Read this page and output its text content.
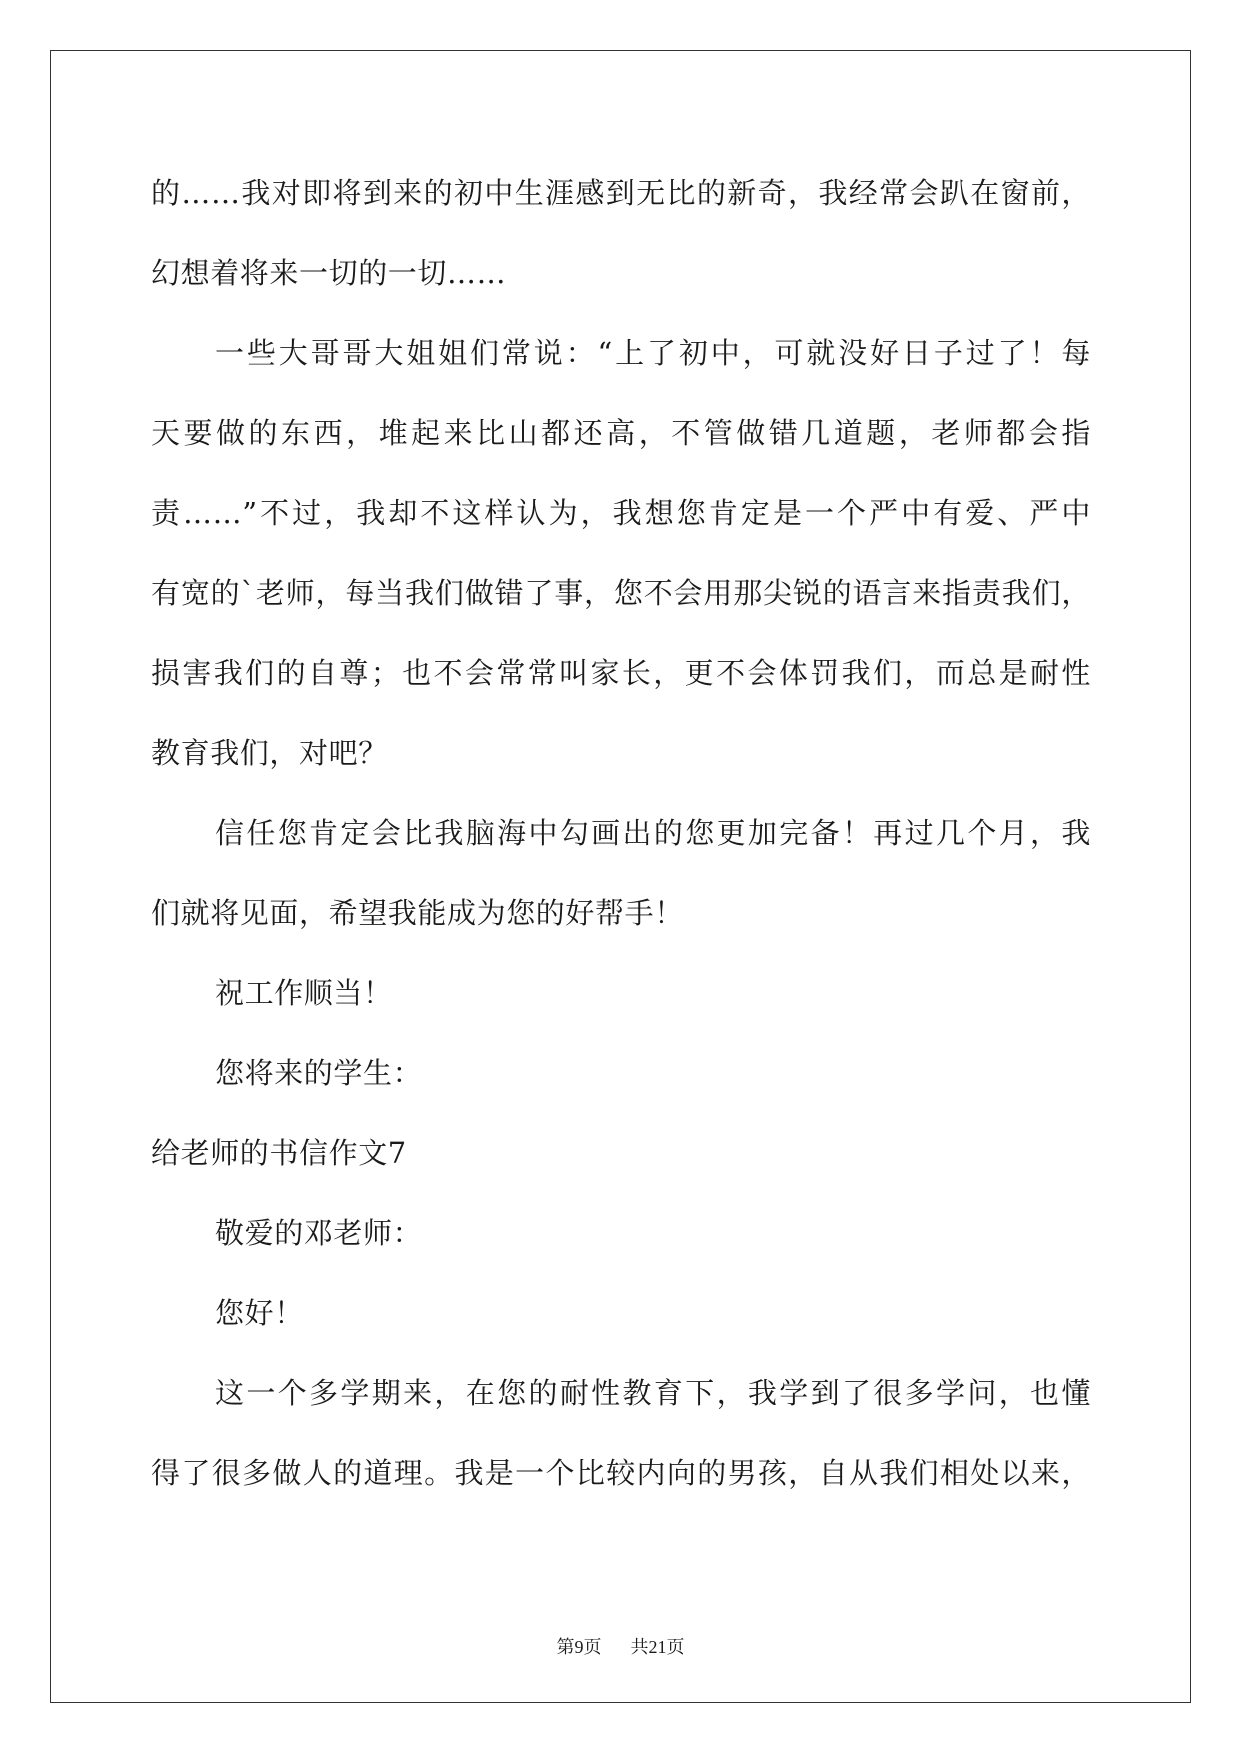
的……我对即将到来的初中生涯感到无比的新奇，我经常会趴在窗前，
幻想着将来一切的一切……
一些大哥哥大姐姐们常说：“上了初中，可就没好日子过了！每
天要做的东西，堆起来比山都还高，不管做错几道题，老师都会指
责……”不过，我却不这样认为，我想您肯定是一个严中有爱、严中
有宽的`老师，每当我们做错了事，您不会用那尖锐的语言来指责我们，
损害我们的自尊；也不会常常叫家长，更不会体罚我们，而总是耐性
教育我们，对吧？
信任您肯定会比我脑海中勾画出的您更加完备！再过几个月，我
们就将见面，希望我能成为您的好帮手！
祝工作顺当！
您将来的学生：
给老师的书信作文7
敬爱的邓老师：
您好！
这一个多学期来，在您的耐性教育下，我学到了很多学问，也懂
得了很多做人的道理。我是一个比较内向的男孩，自从我们相处以来，
第9页 共21页
